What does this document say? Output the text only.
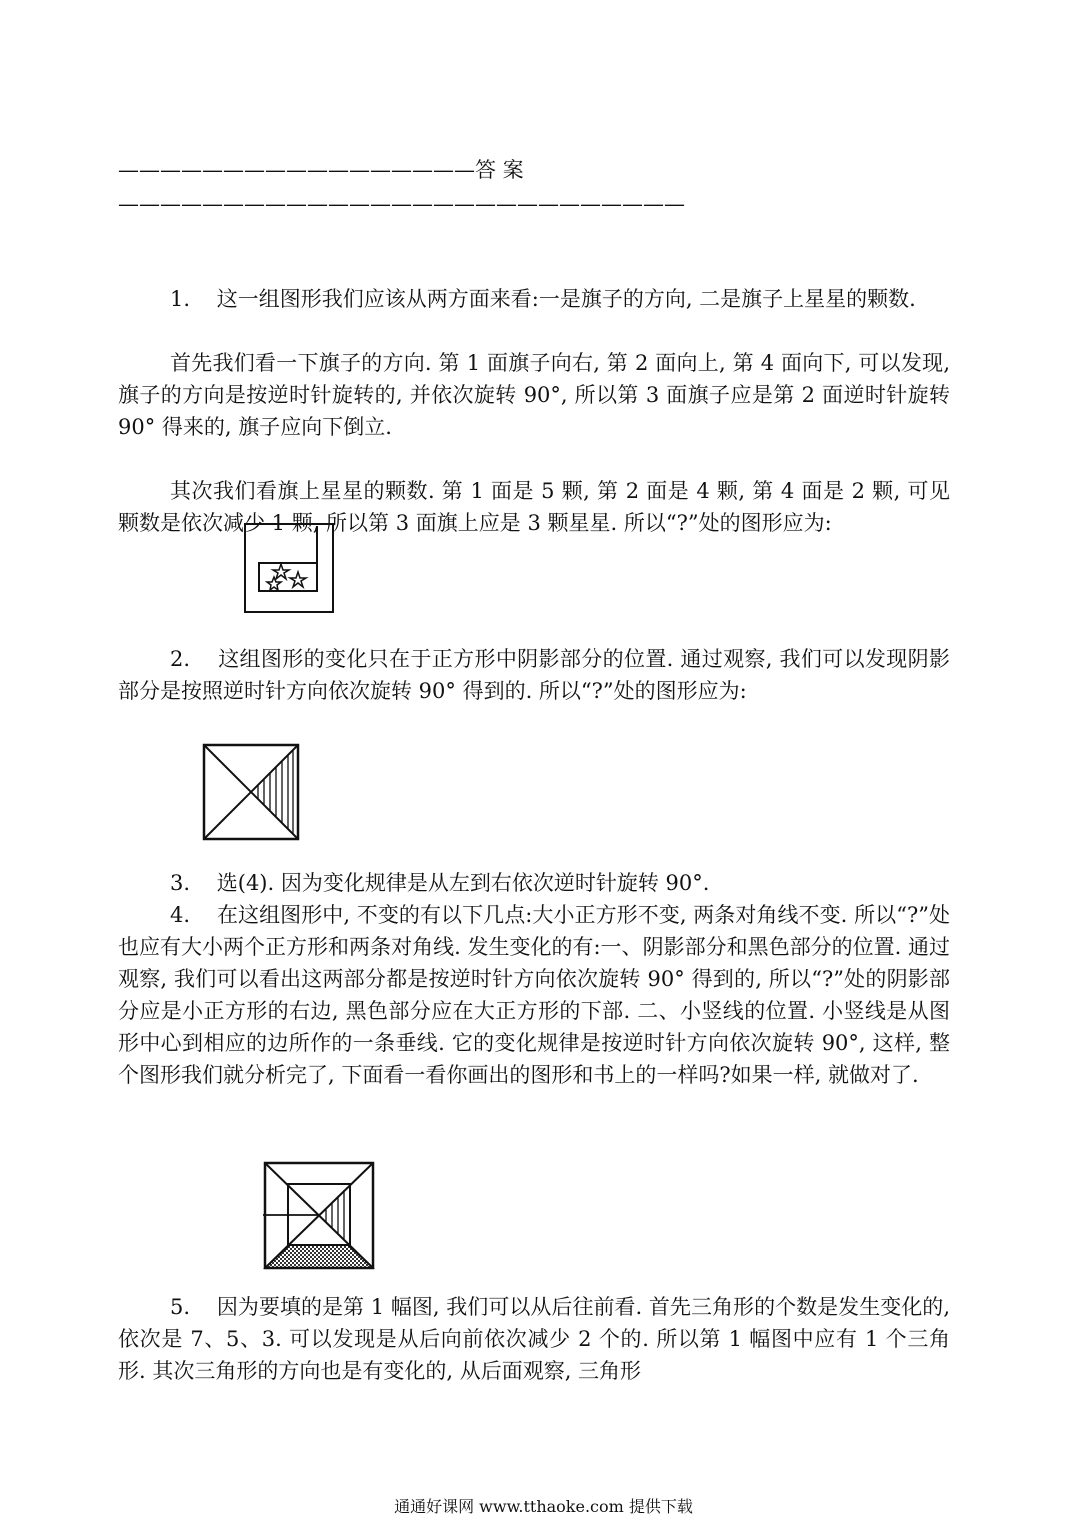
—————————————————答 案———————————————————————————
1. 这一组图形我们应该从两方面来看:一是旗子的方向, 二是旗子上星星的颗数.
首先我们看一下旗子的方向. 第 1 面旗子向右, 第 2 面向上, 第 4 面向下, 可以发现, 旗子的方向是按逆时针旋转的, 并依次旋转 90°, 所以第 3 面旗子应是第 2 面逆时针旋转 90° 得来的, 旗子应向下倒立.
其次我们看旗上星星的颗数. 第 1 面是 5 颗, 第 2 面是 4 颗, 第 4 面是 2 颗, 可见颗数是依次减少 1 颗, 所以第 3 面旗上应是 3 颗星星. 所以“?”处的图形应为:
2. 这组图形的变化只在于正方形中阴影部分的位置. 通过观察, 我们可以发现阴影部分是按照逆时针方向依次旋转 90° 得到的. 所以“?”处的图形应为:
3. 选(4). 因为变化规律是从左到右依次逆时针旋转 90°.
4. 在这组图形中, 不变的有以下几点:大小正方形不变, 两条对角线不变. 所以“?”处也应有大小两个正方形和两条对角线. 发生变化的有:一、阴影部分和黑色部分的位置. 通过观察, 我们可以看出这两部分都是按逆时针方向依次旋转 90° 得到的, 所以“?”处的阴影部分应是小正方形的右边, 黑色部分应在大正方形的下部. 二、小竖线的位置. 小竖线是从图形中心到相应的边所作的一条垂线. 它的变化规律是按逆时针方向依次旋转 90°, 这样, 整个图形我们就分析完了, 下面看一看你画出的图形和书上的一样吗?如果一样, 就做对了.
5. 因为要填的是第 1 幅图, 我们可以从后往前看. 首先三角形的个数是发生变化的, 依次是 7、5、3. 可以发现是从后向前依次减少 2 个的. 所以第 1 幅图中应有 1 个三角形. 其次三角形的方向也是有变化的, 从后面观察, 三角形
通通好课网 www.tthaoke.com 提供下载
